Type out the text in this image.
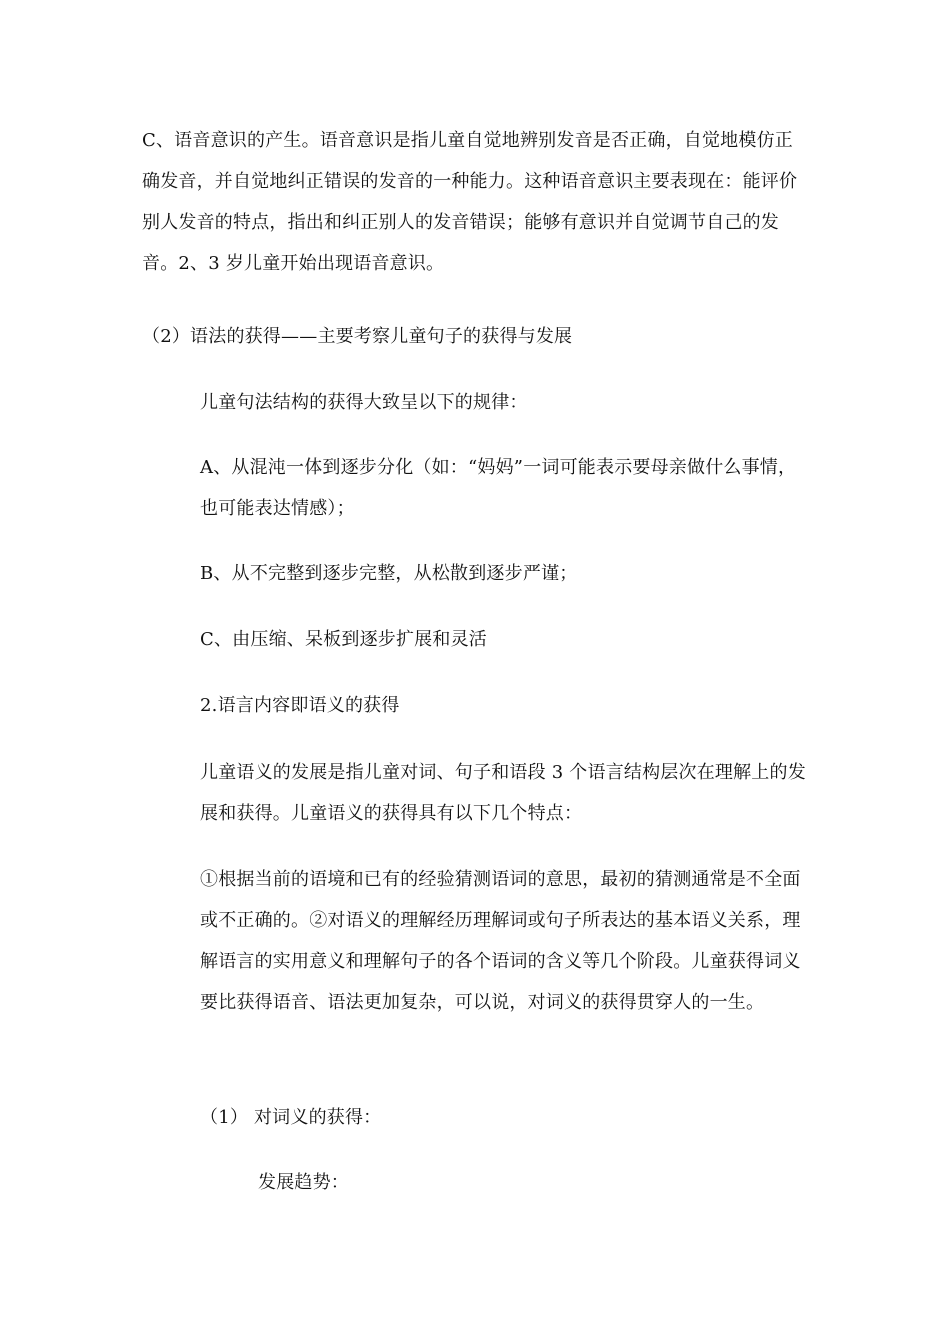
C、语音意识的产生。语音意识是指儿童自觉地辨别发音是否正确，自觉地模仿正确发音，并自觉地纠正错误的发音的一种能力。这种语音意识主要表现在：能评价别人发音的特点，指出和纠正别人的发音错误；能够有意识并自觉调节自己的发音。2、3 岁儿童开始出现语音意识。

（2）语法的获得——主要考察儿童句子的获得与发展

儿童句法结构的获得大致呈以下的规律：

A、从混沌一体到逐步分化（如：“妈妈”一词可能表示要母亲做什么事情，也可能表达情感）；

B、从不完整到逐步完整，从松散到逐步严谨；

C、由压缩、呆板到逐步扩展和灵活

2.语言内容即语义的获得

儿童语义的发展是指儿童对词、句子和语段 3 个语言结构层次在理解上的发展和获得。儿童语义的获得具有以下几个特点：

①根据当前的语境和已有的经验猜测语词的意思，最初的猜测通常是不全面或不正确的。②对语义的理解经历理解词或句子所表达的基本语义关系，理解语言的实用意义和理解句子的各个语词的含义等几个阶段。儿童获得词义要比获得语音、语法更加复杂，可以说，对词义的获得贯穿人的一生。

（1） 对词义的获得：

发展趋势：
